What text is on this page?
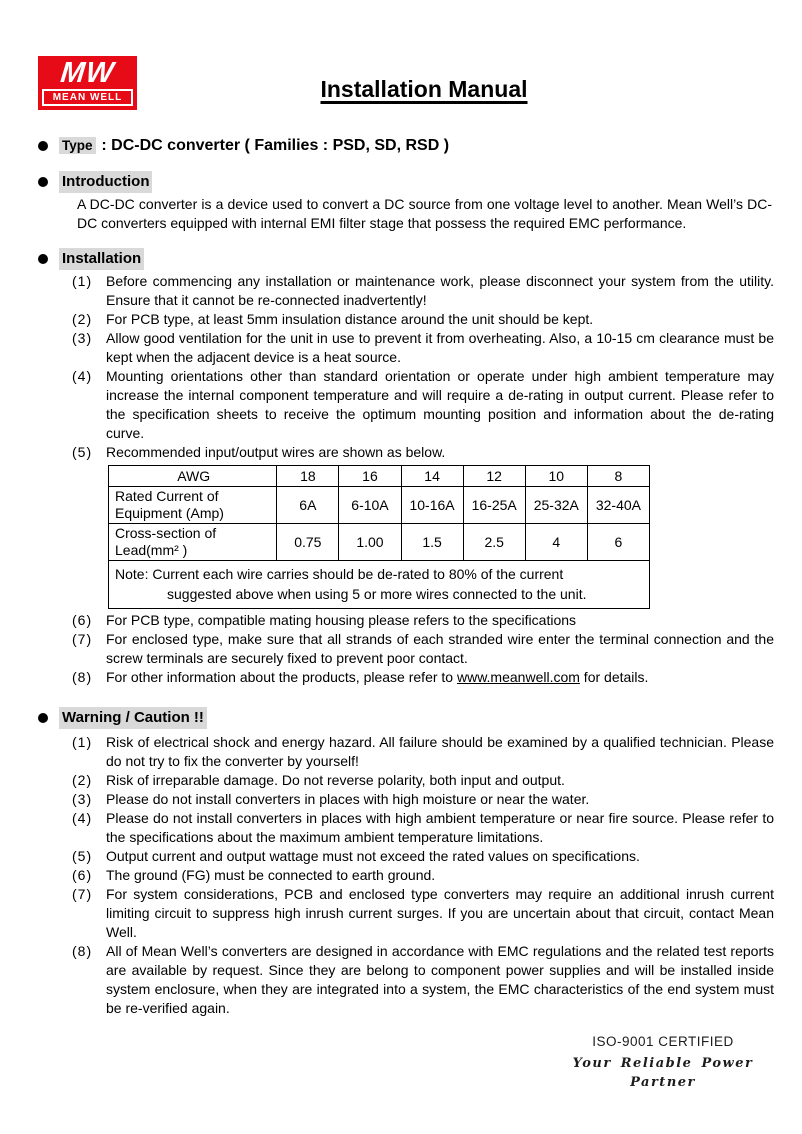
MW
MEAN WELL	Installation Manual
Type : DC-DC converter ( Families : PSD, SD, RSD )
Introduction
A DC-DC converter is a device used to convert a DC source from one voltage level to another. Mean Well’s DC-DC converters equipped with internal EMI filter stage that possess the required EMC performance.
Installation
(1) Before commencing any installation or maintenance work, please disconnect your system from the utility. Ensure that it cannot be re-connected inadvertently!
(2) For PCB type, at least 5mm insulation distance around the unit should be kept.
(3) Allow good ventilation for the unit in use to prevent it from overheating. Also, a 10-15 cm clearance must be kept when the adjacent device is a heat source.
(4) Mounting orientations other than standard orientation or operate under high ambient temperature may increase the internal component temperature and will require a de-rating in output current. Please refer to the specification sheets to receive the optimum mounting position and information about the de-rating curve.
(5) Recommended input/output wires are shown as below.
AWG	18	16	14	12	10	8
Rated Current of Equipment (Amp)	6A	6-10A	10-16A	16-25A	25-32A	32-40A
Cross-section of Lead(mm² )	0.75	1.00	1.5	2.5	4	6

Note: Current each wire carries should be de-rated to 80% of the current
suggested above when using 5 or more wires connected to the unit.						
(6) For PCB type, compatible mating housing please refers to the specifications
(7) For enclosed type, make sure that all strands of each stranded wire enter the terminal connection and the screw terminals are securely fixed to prevent poor contact.
(8) For other information about the products, please refer to www.meanwell.com for details.
Warning / Caution !!
(1) Risk of electrical shock and energy hazard. All failure should be examined by a qualified technician. Please do not try to fix the converter by yourself!
(2) Risk of irreparable damage. Do not reverse polarity, both input and output.
(3) Please do not install converters in places with high moisture or near the water.
(4) Please do not install converters in places with high ambient temperature or near fire source. Please refer to the specifications about the maximum ambient temperature limitations.
(5) Output current and output wattage must not exceed the rated values on specifications.
(6) The ground (FG) must be connected to earth ground.
(7) For system considerations, PCB and enclosed type converters may require an additional inrush current limiting circuit to suppress high inrush current surges. If you are uncertain about that circuit, contact Mean Well.
(8) All of Mean Well’s converters are designed in accordance with EMC regulations and the related test reports are available by request. Since they are belong to component power supplies and will be installed inside system enclosure, when they are integrated into a system, the EMC characteristics of the end system must be re-verified again.
ISO-9001 CERTIFIED
Your Reliable Power Partner
